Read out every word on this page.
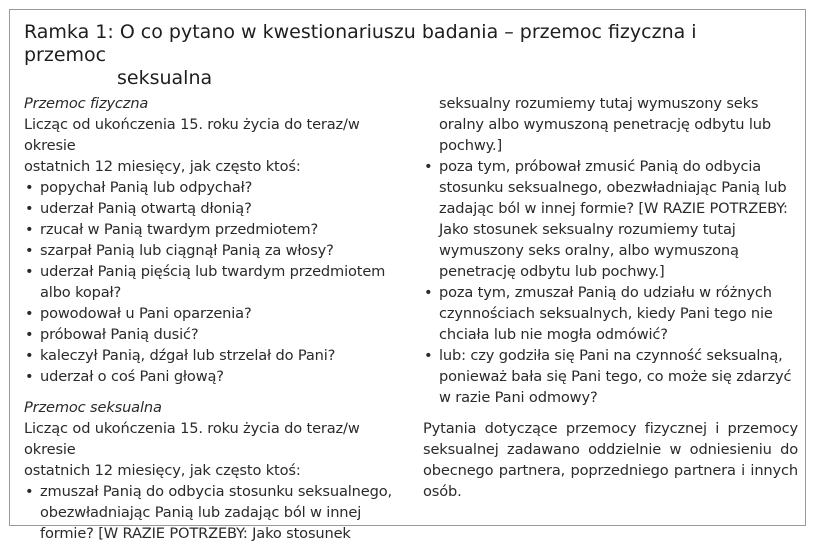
Ramka 1: O co pytano w kwestionariuszu badania – przemoc fizyczna i przemoc
seksualna

Przemoc fizyczna

Licząc od ukończenia 15. roku życia do teraz/w okresie
ostatnich 12 miesięcy, jak często ktoś:

• popychał Panią lub odpychał?
• uderzał Panią otwartą dłonią?
• rzucał w Panią twardym przedmiotem?
• szarpał Panią lub ciągnął Panią za włosy?
• uderzał Panią pięścią lub twardym przedmiotem albo kopał?
• powodował u Pani oparzenia?
• próbował Panią dusić?
• kaleczył Panią, dźgał lub strzelał do Pani?
• uderzał o coś Pani głową?

Przemoc seksualna

Licząc od ukończenia 15. roku życia do teraz/w okresie
ostatnich 12 miesięcy, jak często ktoś:

• zmuszał Panią do odbycia stosunku seksualnego, obezwładniając Panią lub zadając ból w innej formie? [W RAZIE POTRZEBY: Jako stosunek

seksualny rozumiemy tutaj wymuszony seks oralny albo wymuszoną penetrację odbytu lub pochwy.]

• poza tym, próbował zmusić Panią do odbycia stosunku seksualnego, obezwładniając Panią lub zadając ból w innej formie? [W RAZIE POTRZEBY: Jako stosunek seksualny rozumiemy tutaj wymuszony seks oralny, albo wymuszoną penetrację odbytu lub pochwy.]
• poza tym, zmuszał Panią do udziału w różnych czynnościach seksualnych, kiedy Pani tego nie chciała lub nie mogła odmówić?
• lub: czy godziła się Pani na czynność seksualną, ponieważ bała się Pani tego, co może się zdarzyć w razie Pani odmowy?

Pytania dotyczące przemocy fizycznej i przemocy seksualnej zadawano oddzielnie w odniesieniu do obecnego partnera, poprzedniego partnera i innych osób.
